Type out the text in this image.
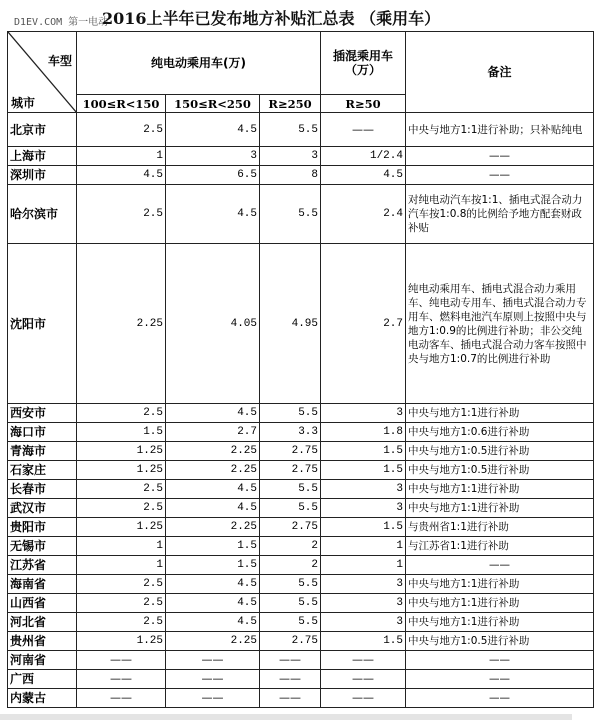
D1EV.COM 第一电动
2016上半年已发布地方补贴汇总表 （乘用车）
车型
城市
	纯电动乘用车(万)	插混乘用车
（万）	备注
	100≤R<150	150≤R<250	R≥250	R≥50	
北京市	2.5	4.5	5.5	——	中央与地方1:1进行补助；只补贴纯电
上海市	1	3	3	1/2.4	——
深圳市	4.5	6.5	8	4.5	——
哈尔滨市	2.5	4.5	5.5	2.4	对纯电动汽车按1:1、插电式混合动力汽车按1:0.8的比例给予地方配套财政补贴
沈阳市	2.25	4.05	4.95	2.7	纯电动乘用车、插电式混合动力乘用车、纯电动专用车、插电式混合动力专用车、燃料电池汽车原则上按照中央与地方1:0.9的比例进行补助；非公交纯电动客车、插电式混合动力客车按照中央与地方1:0.7的比例进行补助
西安市	2.5	4.5	5.5	3	中央与地方1:1进行补助
海口市	1.5	2.7	3.3	1.8	中央与地方1:0.6进行补助
青海市	1.25	2.25	2.75	1.5	中央与地方1:0.5进行补助
石家庄	1.25	2.25	2.75	1.5	中央与地方1:0.5进行补助
长春市	2.5	4.5	5.5	3	中央与地方1:1进行补助
武汉市	2.5	4.5	5.5	3	中央与地方1:1进行补助
贵阳市	1.25	2.25	2.75	1.5	与贵州省1:1进行补助
无锡市	1	1.5	2	1	与江苏省1:1进行补助
江苏省	1	1.5	2	1	——
海南省	2.5	4.5	5.5	3	中央与地方1:1进行补助
山西省	2.5	4.5	5.5	3	中央与地方1:1进行补助
河北省	2.5	4.5	5.5	3	中央与地方1:1进行补助
贵州省	1.25	2.25	2.75	1.5	中央与地方1:0.5进行补助
河南省	——	——	——	——	——
广西	——	——	——	——	——
内蒙古	——	——	——	——	——
